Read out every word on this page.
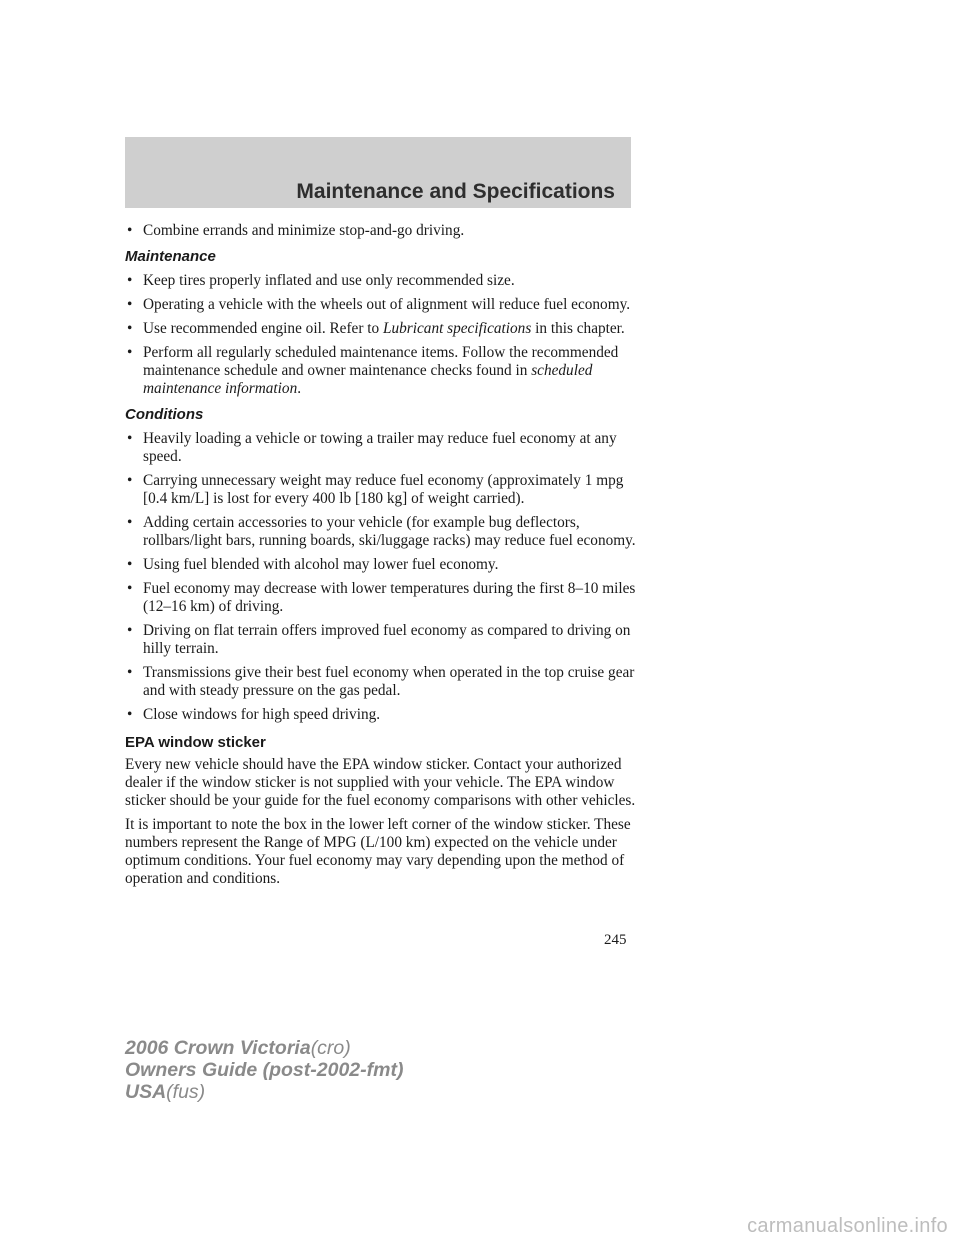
Maintenance and Specifications
• Combine errands and minimize stop-and-go driving.
Maintenance
• Keep tires properly inflated and use only recommended size.
• Operating a vehicle with the wheels out of alignment will reduce fuel economy.
• Use recommended engine oil. Refer to Lubricant specifications in this chapter.
• Perform all regularly scheduled maintenance items. Follow the recommended maintenance schedule and owner maintenance checks found in scheduled maintenance information.
Conditions
• Heavily loading a vehicle or towing a trailer may reduce fuel economy at any speed.
• Carrying unnecessary weight may reduce fuel economy (approximately 1 mpg [0.4 km/L] is lost for every 400 lb [180 kg] of weight carried).
• Adding certain accessories to your vehicle (for example bug deflectors, rollbars/light bars, running boards, ski/luggage racks) may reduce fuel economy.
• Using fuel blended with alcohol may lower fuel economy.
• Fuel economy may decrease with lower temperatures during the first 8–10 miles (12–16 km) of driving.
• Driving on flat terrain offers improved fuel economy as compared to driving on hilly terrain.
• Transmissions give their best fuel economy when operated in the top cruise gear and with steady pressure on the gas pedal.
• Close windows for high speed driving.
EPA window sticker
Every new vehicle should have the EPA window sticker. Contact your authorized dealer if the window sticker is not supplied with your vehicle. The EPA window sticker should be your guide for the fuel economy comparisons with other vehicles.
It is important to note the box in the lower left corner of the window sticker. These numbers represent the Range of MPG (L/100 km) expected on the vehicle under optimum conditions. Your fuel economy may vary depending upon the method of operation and conditions.
245
2006 Crown Victoria(cro)
Owners Guide (post-2002-fmt)
USA(fus)
carmanualsonline.info
